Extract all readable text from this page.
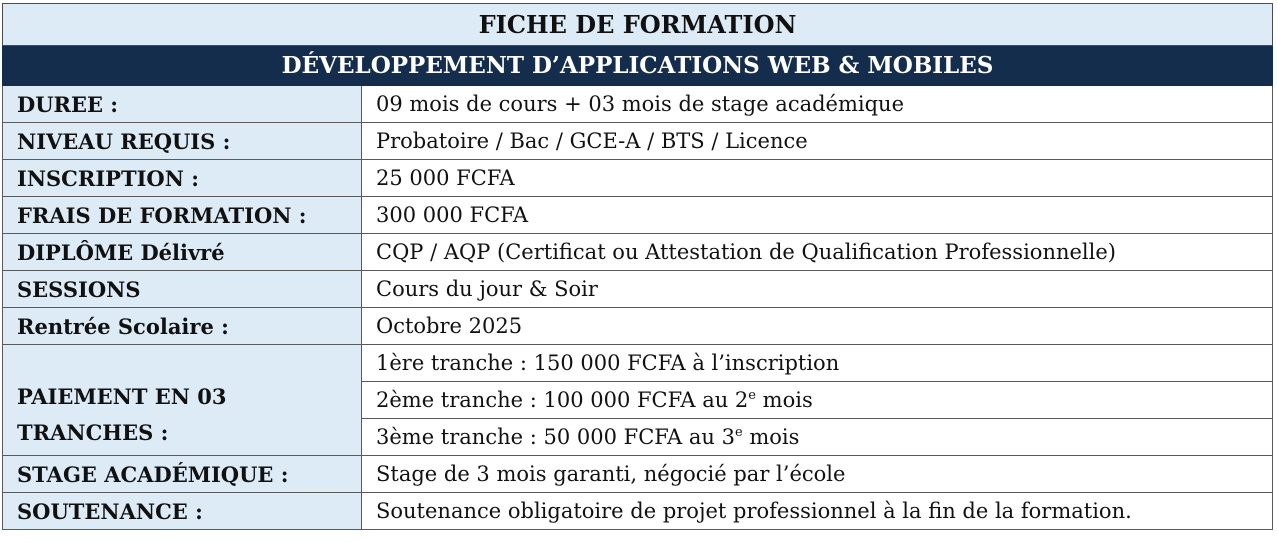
FICHE DE FORMATION	
DÉVELOPPEMENT D’APPLICATIONS WEB & MOBILES	
DUREE :	09 mois de cours + 03 mois de stage académique
NIVEAU REQUIS :	Probatoire / Bac / GCE-A / BTS / Licence
INSCRIPTION :	25 000 FCFA
FRAIS DE FORMATION :	300 000 FCFA
DIPLÔME Délivré	CQP / AQP (Certificat ou Attestation de Qualification Professionnelle)
SESSIONS	Cours du jour & Soir
Rentrée Scolaire :	Octobre 2025

PAIEMENT EN 03
TRANCHES :	1ère tranche : 150 000 FCFA à l’inscription
	2ème tranche : 100 000 FCFA au 2e mois
	3ème tranche : 50 000 FCFA au 3e mois
STAGE ACADÉMIQUE :	Stage de 3 mois garanti, négocié par l’école
SOUTENANCE :	Soutenance obligatoire de projet professionnel à la fin de la formation.
